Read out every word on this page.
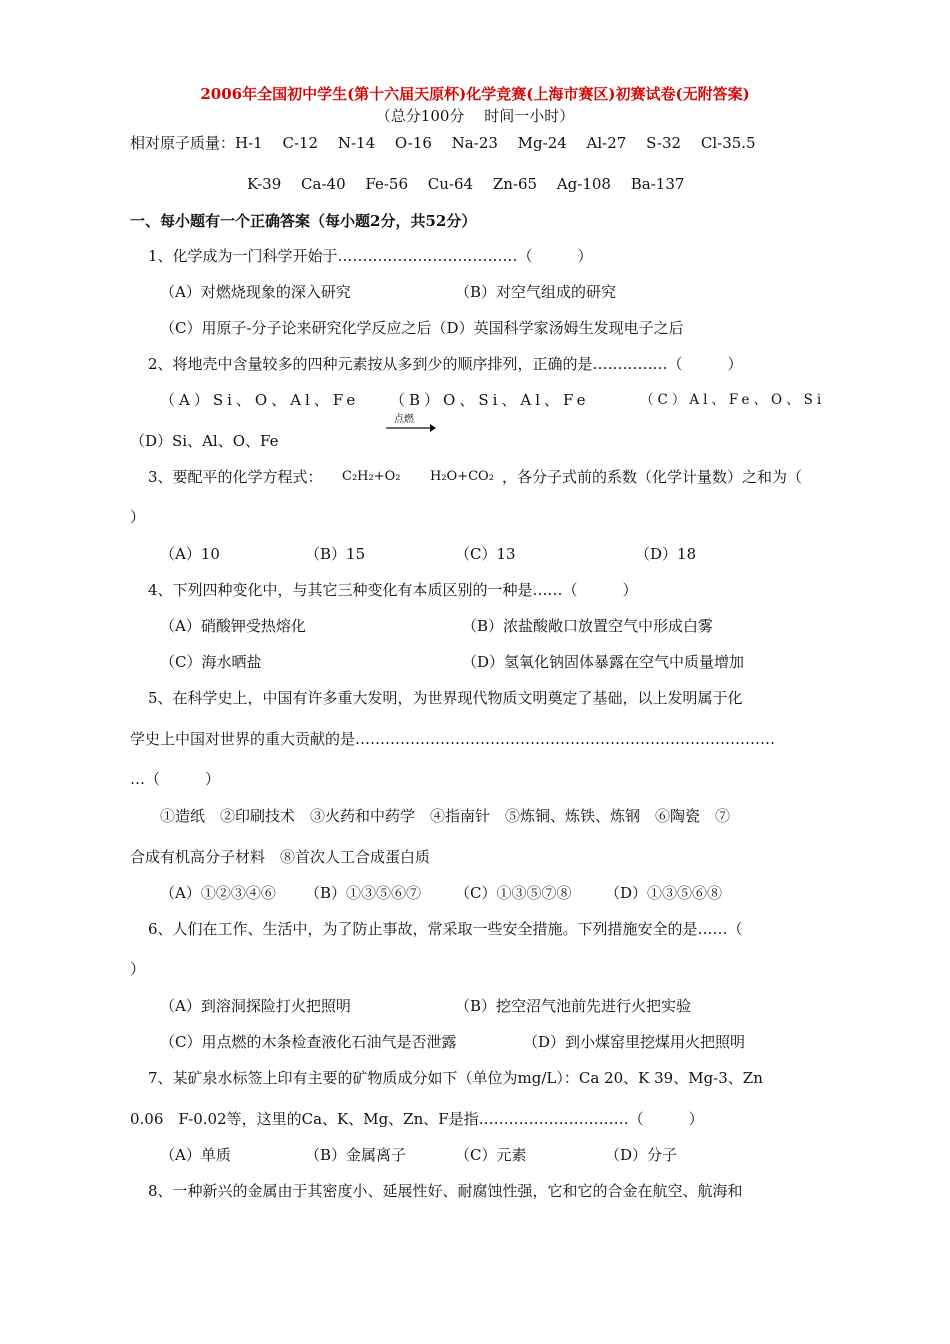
2006年全国初中学生(第十六届天原杯)化学竞赛(上海市赛区)初赛试卷(无附答案)
（总分100分　 时间一小时）
相对原子质量：H-1　 C-12　 N-14　 O-16　 Na-23　 Mg-24　 Al-27　 S-32　 Cl-35.5
K-39　 Ca-40　 Fe-56　 Cu-64　 Zn-65　 Ag-108　 Ba-137
一、每小题有一个正确答案（每小题2分，共52分）
1、化学成为一门科学开始于………………………………（　　　）
（A）对燃烧现象的深入研究	（B）对空气组成的研究
（C）用原子-分子论来研究化学反应之后（D）英国科学家汤姆生发现电子之后
2、将地壳中含量较多的四种元素按从多到少的顺序排列，正确的是……………（　　　）
（A）Si、O、Al、Fe （B）O、Si、Al、Fe	（C）Al、Fe、O、Si
（D）Si、Al、O、Fe
3、要配平的化学方程式： C₂H₂+O₂
点燃
H₂O+CO₂ ，各分子式前的系数（化学计量数）之和为（
）
（A）10	（B）15	（C）13	（D）18
4、下列四种变化中，与其它三种变化有本质区别的一种是……（　　　）
（A）硝酸钾受热熔化	（B）浓盐酸敞口放置空气中形成白雾
（C）海水晒盐	（D）氢氧化钠固体暴露在空气中质量增加
5、在科学史上，中国有许多重大发明，为世界现代物质文明奠定了基础，以上发明属于化
学史上中国对世界的重大贡献的是…………………………………………………………………………
…（　　　）
①造纸　②印刷技术　③火药和中药学　④指南针　⑤炼铜、炼铁、炼钢　⑥陶瓷　⑦
合成有机高分子材料　⑧首次人工合成蛋白质
（A）①②③④⑥ （B）①③⑤⑥⑦ （C）①③⑤⑦⑧ （D）①③⑤⑥⑧
6、人们在工作、生活中，为了防止事故，常采取一些安全措施。下列措施安全的是……（
）
（A）到溶洞探险打火把照明	（B）挖空沼气池前先进行火把实验
（C）用点燃的木条检查液化石油气是否泄露	（D）到小煤窑里挖煤用火把照明
7、某矿泉水标签上印有主要的矿物质成分如下（单位为mg/L）：Ca 20、K 39、Mg-3、Zn
0.06　F-0.02等，这里的Ca、K、Mg、Zn、F是指…………………………（　　　）
（A）单质	（B）金属离子	（C）元素	（D）分子
8、一种新兴的金属由于其密度小、延展性好、耐腐蚀性强，它和它的合金在航空、航海和
